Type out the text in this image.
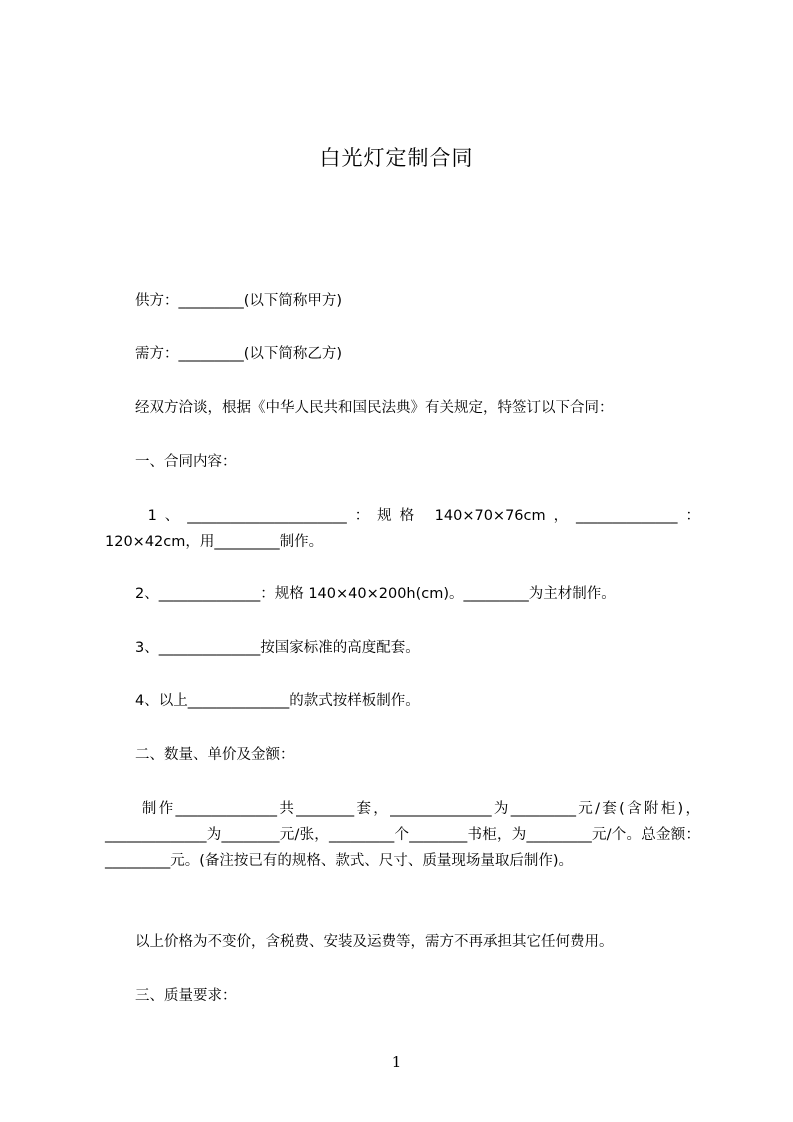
白光灯定制合同
供方：_________(以下简称甲方)
需方：_________(以下简称乙方)
经双方洽谈，根据《中华人民共和国民法典》有关规定，特签订以下合同：
一、合同内容：
1、______________________：规格 140×70×76cm，______________：120×42cm，用_________制作。
2、______________：规格 140×40×200h(cm)。_________为主材制作。
3、______________按国家标准的高度配套。
4、以上______________的款式按样板制作。
二、数量、单价及金额：
制作______________共________套，______________为_________元/套(含附柜)，______________为________元/张，_________个________书柜，为_________元/个。总金额：_________元。(备注按已有的规格、款式、尺寸、质量现场量取后制作)。
以上价格为不变价，含税费、安装及运费等，需方不再承担其它任何费用。
三、质量要求：
1
